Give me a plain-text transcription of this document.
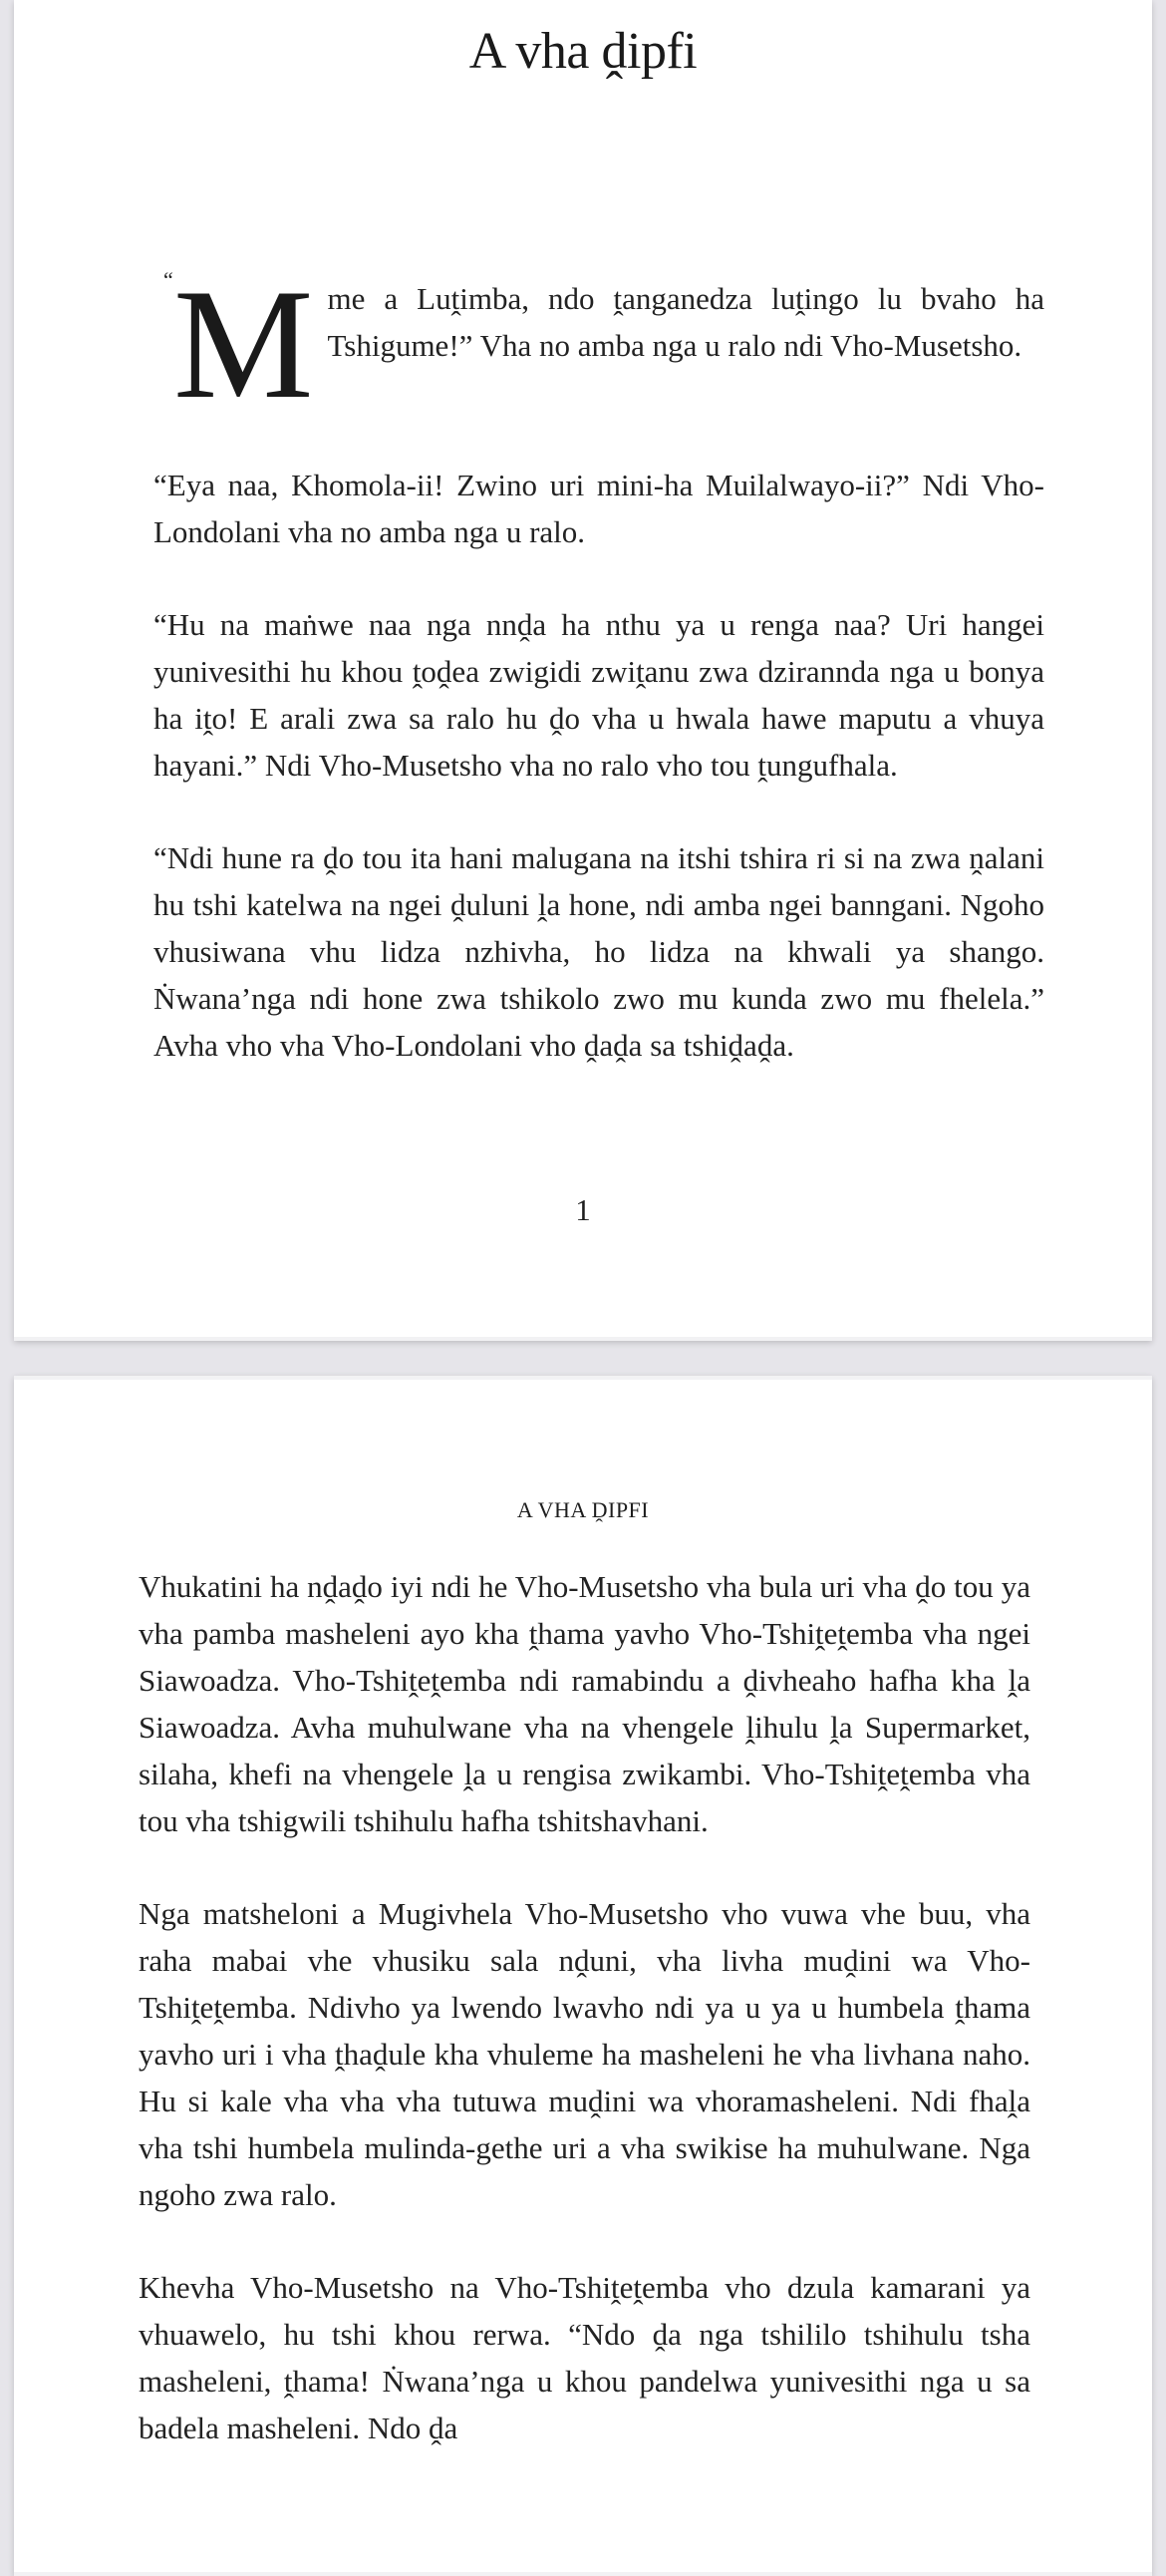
A vha ḓipfi
“ M me a Luṱimba, ndo ṱanganedza luṱingo lu bvaho ha Tshigume!” Vha no amba nga u ralo ndi Vho-Musetsho.

“Eya naa, Khomola-ii! Zwino uri mini-ha Muilalwayo-ii?” Ndi Vho-Londolani vha no amba nga u ralo.

“Hu na maṅwe naa nga nnḓa ha nthu ya u renga naa? Uri hangei yunivesithi hu khou ṱoḓea zwigidi zwiṱanu zwa dzirannda nga u bonya ha iṱo! E arali zwa sa ralo hu ḓo vha u hwala hawe maputu a vhuya hayani.” Ndi Vho-Musetsho vha no ralo vho tou ṱungufhala.

“Ndi hune ra ḓo tou ita hani malugana na itshi tshira ri si na zwa ṋalani hu tshi katelwa na ngei ḓuluni ḽa hone, ndi amba ngei banngani. Ngoho vhusiwana vhu lidza nzhivha, ho lidza na khwali ya shango. Ṅwana’nga ndi hone zwa tshikolo zwo mu kunda zwo mu fhelela.” Avha vho vha Vho-Londolani vho ḓaḓa sa tshiḓaḓa.

1
A VHA ḒIPFI

Vhukatini ha nḓaḓo iyi ndi he Vho-Musetsho vha bula uri vha ḓo tou ya vha pamba masheleni ayo kha ṱhama yavho Vho-Tshiṱeṱemba vha ngei Siawoadza. Vho-Tshiṱeṱemba ndi ramabindu a ḓivheaho hafha kha ḽa Siawoadza. Avha muhulwane vha na vhengele ḽihulu ḽa Supermarket, silaha, khefi na vhengele ḽa u rengisa zwikambi. Vho-Tshiṱeṱemba vha tou vha tshigwili tshihulu hafha tshitshavhani.

Nga matsheloni a Mugivhela Vho-Musetsho vho vuwa vhe buu, vha raha mabai vhe vhusiku sala nḓuni, vha livha muḓini wa Vho-Tshiṱeṱemba. Ndivho ya lwendo lwavho ndi ya u ya u humbela ṱhama yavho uri i vha ṱhaḓule kha vhuleme ha masheleni he vha livhana naho. Hu si kale vha vha vha tutuwa muḓini wa vhoramasheleni. Ndi fhaḽa vha tshi humbela mulinda-gethe uri a vha swikise ha muhulwane. Nga ngoho zwa ralo.

Khevha Vho-Musetsho na Vho-Tshiṱeṱemba vho dzula kamarani ya vhuawelo, hu tshi khou rerwa. “Ndo ḓa nga tshililo tshihulu tsha masheleni, ṱhama! Ṅwana’nga u khou pandelwa yunivesithi nga u sa badela masheleni. Ndo ḓa
